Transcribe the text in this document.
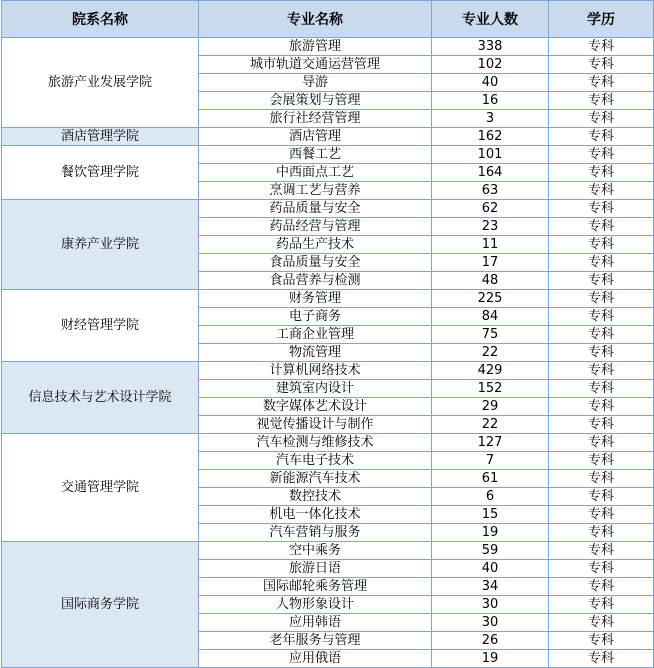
院系名称	专业名称	专业人数	学历
旅游产业发展学院	旅游管理	338	专科
	城市轨道交通运营管理	102	专科
	导游	40	专科
	会展策划与管理	16	专科
	旅行社经营管理	3	专科
酒店管理学院	酒店管理	162	专科
餐饮管理学院	西餐工艺	101	专科
	中西面点工艺	164	专科
	烹调工艺与营养	63	专科
康养产业学院	药品质量与安全	62	专科
	药品经营与管理	23	专科
	药品生产技术	11	专科
	食品质量与安全	17	专科
	食品营养与检测	48	专科
财经管理学院	财务管理	225	专科
	电子商务	84	专科
	工商企业管理	75	专科
	物流管理	22	专科
信息技术与艺术设计学院	计算机网络技术	429	专科
	建筑室内设计	152	专科
	数字媒体艺术设计	29	专科
	视觉传播设计与制作	22	专科
交通管理学院	汽车检测与维修技术	127	专科
	汽车电子技术	7	专科
	新能源汽车技术	61	专科
	数控技术	6	专科
	机电一体化技术	15	专科
	汽车营销与服务	19	专科
国际商务学院	空中乘务	59	专科
	旅游日语	40	专科
	国际邮轮乘务管理	34	专科
	人物形象设计	30	专科
	应用韩语	30	专科
	老年服务与管理	26	专科
	应用俄语	19	专科
